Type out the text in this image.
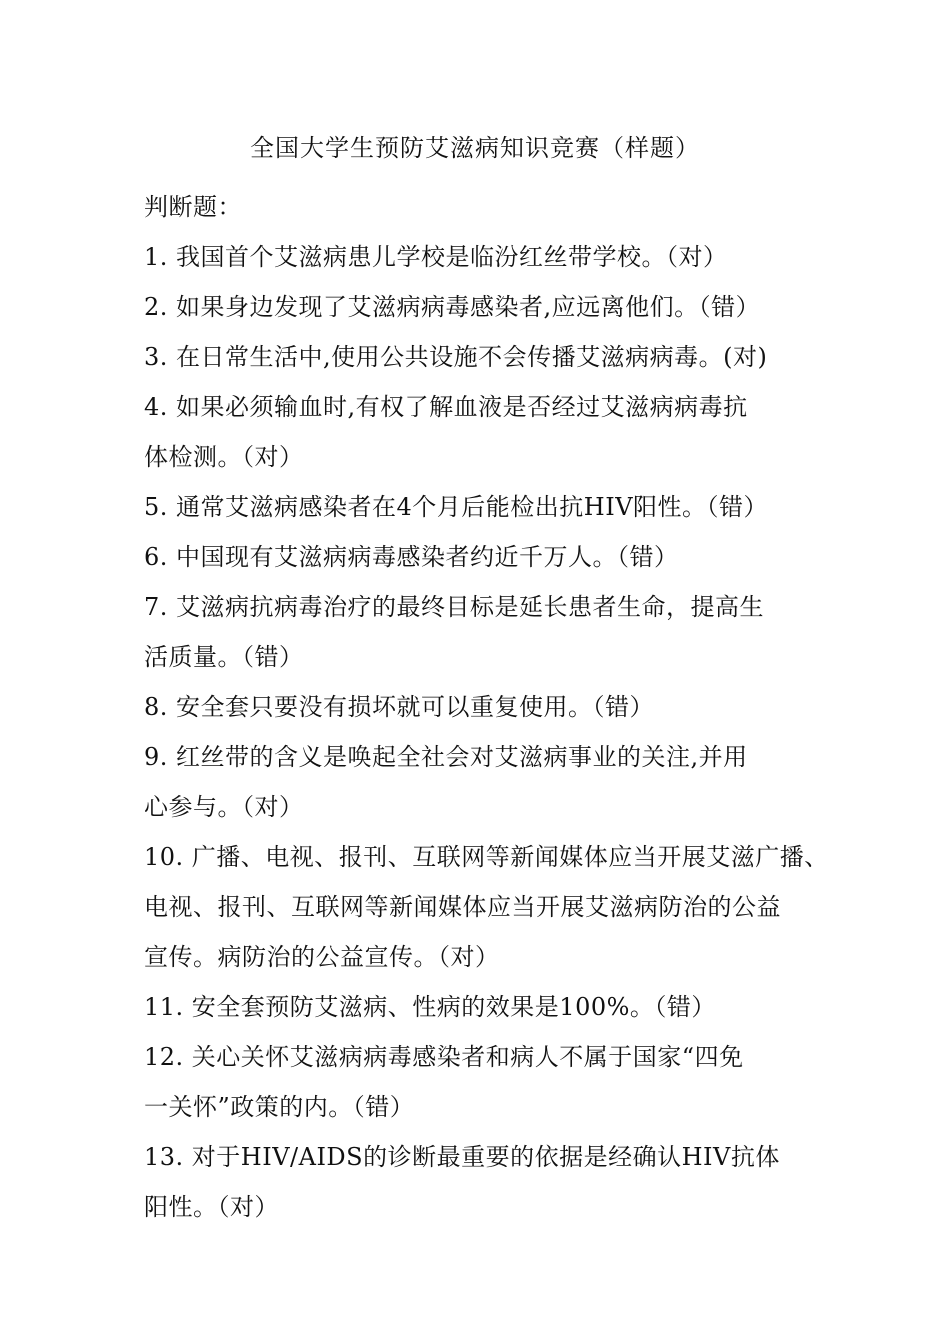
全国大学生预防艾滋病知识竞赛（样题）
判断题：
1. 我国首个艾滋病患儿学校是临汾红丝带学校。（对）
2. 如果身边发现了艾滋病病毒感染者,应远离他们。（错）
3. 在日常生活中,使用公共设施不会传播艾滋病病毒。(对)
4. 如果必须输血时,有权了解血液是否经过艾滋病病毒抗
体检测。（对）
5. 通常艾滋病感染者在4个月后能检出抗HIV阳性。（错）
6. 中国现有艾滋病病毒感染者约近千万人。（错）
7. 艾滋病抗病毒治疗的最终目标是延长患者生命，提高生
活质量。（错）
8. 安全套只要没有损坏就可以重复使用。（错）
9. 红丝带的含义是唤起全社会对艾滋病事业的关注,并用
心参与。（对）
10. 广播、电视、报刊、互联网等新闻媒体应当开展艾滋广播、
电视、报刊、互联网等新闻媒体应当开展艾滋病防治的公益
宣传。病防治的公益宣传。（对）
11. 安全套预防艾滋病、性病的效果是100%。（错）
12. 关心关怀艾滋病病毒感染者和病人不属于国家“四免
一关怀”政策的内。（错）
13. 对于HIV/AIDS的诊断最重要的依据是经确认HIV抗体
阳性。（对）
